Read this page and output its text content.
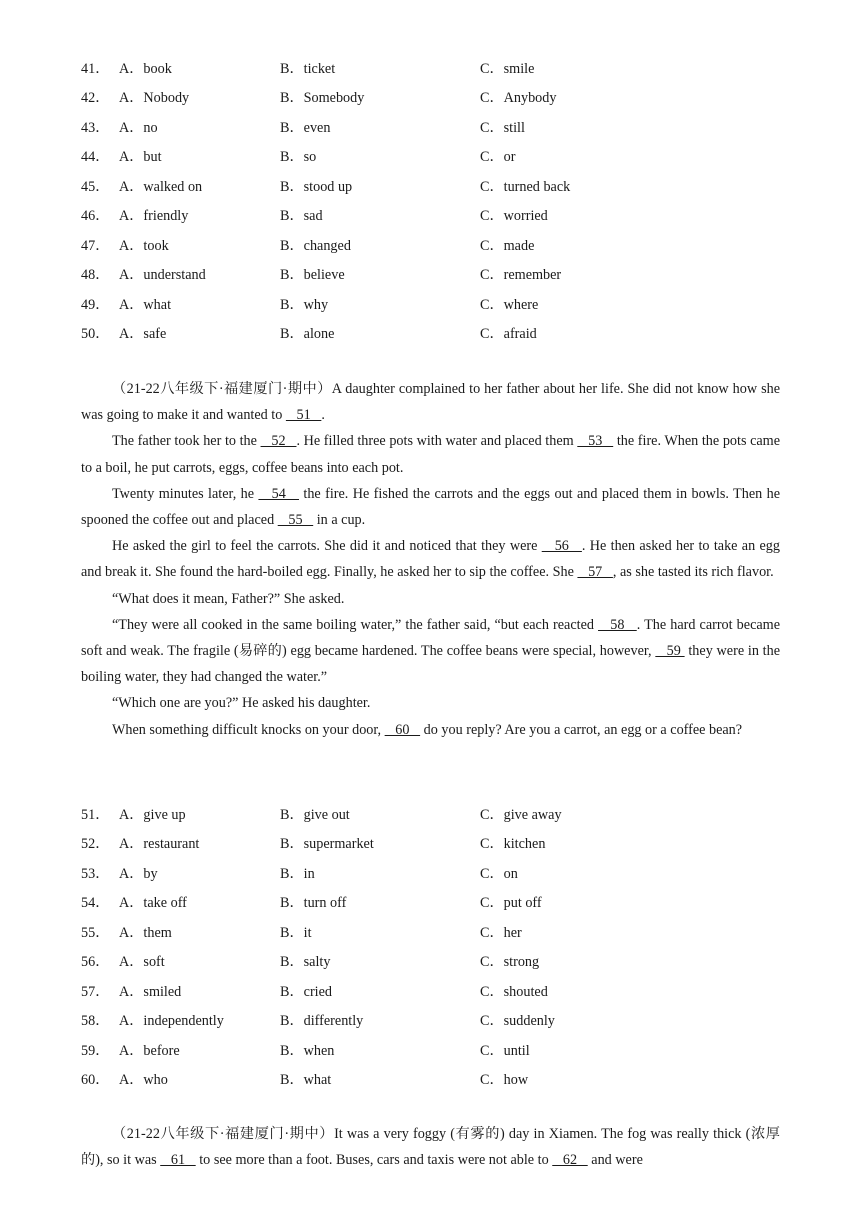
41． A．book	B．ticket	C．smile
42． A．Nobody	B．Somebody	C．Anybody
43． A．no	B．even	C．still
44． A．but	B．so	C．or
45． A．walked on	B．stood up	C．turned back
46． A．friendly	B．sad	C．worried
47． A．took	B．changed	C．made
48． A．understand	B．believe	C．remember
49． A．what	B．why	C．where
50． A．safe	B．alone	C．afraid

（21-22八年级下·福建厦门·期中）A daughter complained to her father about her life. She did not know how she was going to make it and wanted to    51   .

The father took her to the    52   . He filled three pots with water and placed them    53    the fire. When the pots came to a boil, he put carrots, eggs, coffee beans into each pot.

Twenty minutes later, he    54    the fire. He fished the carrots and the eggs out and placed them in bowls. Then he spooned the coffee out and placed    55    in a cup.

He asked the girl to feel the carrots. She did it and noticed that they were    56   . He then asked her to take an egg and break it. She found the hard-boiled egg. Finally, he asked her to sip the coffee. She    57   , as she tasted its rich flavor.

“What does it mean, Father?” She asked.

“They were all cooked in the same boiling water,” the father said, “but each reacted    58   . The hard carrot became soft and weak. The fragile (易碎的) egg became hardened. The coffee beans were special, however,    59  they were in the boiling water, they had changed the water.”

“Which one are you?” He asked his daughter.

When something difficult knocks on your door,    60    do you reply? Are you a carrot, an egg or a coffee bean?

51． A．give up	B．give out	C．give away
52． A．restaurant	B．supermarket	C．kitchen
53． A．by	B．in	C．on
54． A．take off	B．turn off	C．put off
55． A．them	B．it	C．her
56． A．soft	B．salty	C．strong
57． A．smiled	B．cried	C．shouted
58． A．independently	B．differently	C．suddenly
59． A．before	B．when	C．until
60． A．who	B．what	C．how

（21-22八年级下·福建厦门·期中）It was a very foggy (有雾的) day in Xiamen. The fog was really thick (浓厚的), so it was    61    to see more than a foot. Buses, cars and taxis were not able to    62    and were
